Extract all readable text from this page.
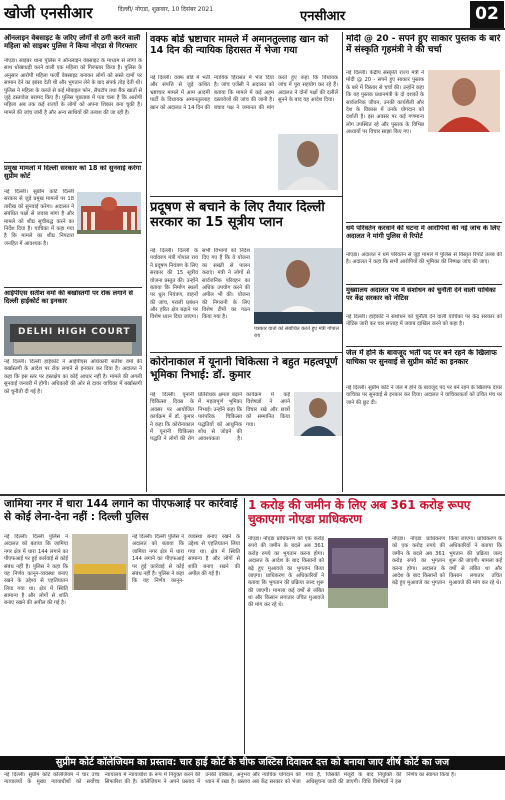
खोजी एनसीआर	दिल्ली/ नोएडा, शुक्रवार, 10 दिसंबर 2021	एनसीआर	02
ऑनलाइन वेबसाइट के जरिए लोगों से ठगी करने वाली महिला को साइबर पुलिस ने किया नोएडा से गिरफ्तार
नोएडा। साइबर थाना पुलिस ने ऑनलाइन वेबसाइट के माध्यम से लोगों के साथ धोखाधड़ी करने वाली एक महिला को गिरफ्तार किया है। पुलिस के अनुसार आरोपी महिला फर्जी वेबसाइट बनाकर लोगों को सस्ते दामों पर सामान देने का झांसा देती थी और भुगतान लेने के बाद संपर्क तोड़ देती थी। पुलिस ने महिला के कब्जे से कई मोबाइल फोन, लैपटॉप तथा बैंक खातों से जुड़े दस्तावेज बरामद किए हैं। पुलिस पूछताछ में पता चला है कि आरोपी महिला अब तक कई राज्यों के लोगों को अपना शिकार बना चुकी है। मामले की जांच जारी है और अन्य साथियों की तलाश की जा रही है।
प्रमुख मामलों में दिल्ली सरकार को 18 को सुनवाई करेगा सुप्रीम कोर्ट
नई दिल्ली। सुप्रीम कोर्ट दिल्ली सरकार से जुड़े प्रमुख मामलों पर 18 तारीख को सुनवाई करेगा। अदालत ने संबंधित पक्षों से जवाब मांगा है और मामले को शीघ्र सूचीबद्ध करने का निर्देश दिया है। याचिका में कहा गया है कि मामले का शीघ्र निपटारा जनहित में आवश्यक है।
आईपीएस सतीश वर्मा की बर्खास्तगी पर रोक लगाने से दिल्ली हाईकोर्ट का इनकार
DELHI HIGH COURT
नई दिल्ली। दिल्ली हाईकोर्ट ने आईपीएस अधिकारी सतीश वर्मा की बर्खास्तगी के आदेश पर रोक लगाने से इनकार कर दिया है। अदालत ने कहा कि इस स्तर पर हस्तक्षेप का कोई आधार नहीं है। मामले की अगली सुनवाई जनवरी में होगी। अधिकारी की ओर से दायर याचिका में बर्खास्तगी को चुनौती दी गई है।
वक्फ बोर्ड भ्रष्टाचार मामले में अमानतुल्लाह खान को 14 दिन की न्यायिक हिरासत में भेजा गया
नई दिल्ली। वक्फ बोर्ड में भर्ती और संपत्ति से जुड़े कथित भ्रष्टाचार मामले में आम आदमी पार्टी के विधायक अमानतुल्लाह खान को अदालत ने 14 दिन की न्यायिक हिरासत में भेज दिया है। जांच एजेंसी ने अदालत को बताया कि मामले में कई अहम दस्तावेजों की जांच की जानी है। बचाव पक्ष ने जमानत की मांग करते हुए कहा कि विधायक जांच में पूरा सहयोग कर रहे हैं। अदालत ने दोनों पक्षों की दलीलें सुनने के बाद यह आदेश दिया।
मोदी @ 20 - सपने हुए साकार पुस्तक के बारे में संस्कृति गृहमंत्री ने की चर्चा
नई दिल्ली। केंद्रीय संस्कृति राज्य मंत्री ने मोदी @ 20 - सपने हुए साकार पुस्तक के बारे में विस्तार से चर्चा की। उन्होंने कहा कि यह पुस्तक प्रधानमंत्री के दो दशकों के सार्वजनिक जीवन, उनकी कार्यशैली और देश के विकास में उनके योगदान को दर्शाती है। इस अवसर पर कई गणमान्य लोग उपस्थित रहे और पुस्तक के विभिन्न अध्यायों पर विचार साझा किए गए।
प्रदूषण से बचाने के लिए तैयार दिल्ली सरकार का 15 सूत्रीय प्लान
नई दिल्ली। दिल्ली के पर्यावरण मंत्री गोपाल राय ने प्रदूषण नियंत्रण के लिए सरकार की 15 सूत्रीय योजना प्रस्तुत की। उन्होंने बताया कि निर्माण स्थलों पर धूल नियंत्रण, वाहनों की जांच, पराली प्रबंधन और हरित क्षेत्र बढ़ाने पर विशेष ध्यान दिया जाएगा। सभी विभागों को निर्देश दिए गए हैं कि वे योजना का सख्ती से पालन कराएं। मंत्री ने लोगों से सार्वजनिक परिवहन का अधिक उपयोग करने की अपील भी की। योजना की निगरानी के लिए विशेष टीमों का गठन किया गया है।
पत्रकार वार्ता को संबोधित करते हुए मंत्री गोपाल राय
धर्म परिवर्तन करवाने की घटना में आरोपियों की नई जांच के लिए अदालत ने मांगी पुलिस से रिपोर्ट
नोएडा। अदालत ने धर्म परिवर्तन से जुड़े मामले में पुलिस से विस्तृत रिपोर्ट तलब की है। अदालत ने कहा कि सभी आरोपियों की भूमिका की निष्पक्ष जांच की जाए।
मुख्यालय अदालत पथ में संशोधन को चुनौती देने वाली याचिका पर केंद्र सरकार को नोटिस
नई दिल्ली। हाईकोर्ट ने संशोधन को चुनौती देने वाली याचिका पर केंद्र सरकार को नोटिस जारी कर चार सप्ताह में जवाब दाखिल करने को कहा है।
जेल में होने के बावजूद भर्ती पद पर बने रहने के खिलाफ याचिका पर सुनवाई से सुप्रीम कोर्ट का इनकार
नई दिल्ली। सुप्रीम कोर्ट ने जेल में होने के बावजूद पद पर बने रहने के खिलाफ दायर याचिका पर सुनवाई से इनकार कर दिया। अदालत ने याचिकाकर्ता को उचित मंच पर जाने की छूट दी।
कोरोनाकाल में यूनानी चिकित्सा ने बहुत महत्वपूर्ण भूमिका निभाई: डॉ. कुमार
नई दिल्ली। यूनानी चिकित्सा दिवस के अवसर पर आयोजित कार्यक्रम में डॉ. कुमार ने कहा कि कोरोनाकाल में यूनानी चिकित्सा पद्धति ने लोगों की रोग प्रतिरोधक क्षमता बढ़ाने में महत्वपूर्ण भूमिका निभाई। उन्होंने कहा कि पारंपरिक चिकित्सा पद्धतियों को आधुनिक शोध से जोड़ने की आवश्यकता है। कार्यक्रम में कई विशेषज्ञों ने अपने विचार रखे और छात्रों को सम्मानित किया गया।
जामिया नगर में धारा 144 लगाने का पीएफआई पर कार्रवाई से कोई लेना-देना नहीं : दिल्ली पुलिस
नई दिल्ली। दिल्ली पुलिस ने अदालत को बताया कि जामिया नगर क्षेत्र में धारा 144 लगाने का पीएफआई पर हुई कार्रवाई से कोई संबंध नहीं है। पुलिस ने कहा कि यह निर्णय कानून-व्यवस्था बनाए रखने के उद्देश्य से एहतियातन लिया गया था। क्षेत्र में स्थिति सामान्य है और लोगों से शांति बनाए रखने की अपील की गई है।
नई दिल्ली। दिल्ली पुलिस ने अदालत को बताया कि जामिया नगर क्षेत्र में धारा 144 लगाने का पीएफआई पर हुई कार्रवाई से कोई संबंध नहीं है। पुलिस ने कहा कि यह निर्णय कानून-व्यवस्था बनाए रखने के उद्देश्य से एहतियातन लिया गया था। क्षेत्र में स्थिति सामान्य है और लोगों से शांति बनाए रखने की अपील की गई है।
1 करोड़ की जमीन के लिए अब 361 करोड़ रूपए चुकाएगा नोएडा प्राधिकरण
नोएडा। नोएडा प्राधिकरण को एक करोड़ रुपये की जमीन के बदले अब 361 करोड़ रुपये का भुगतान करना होगा। अदालत के आदेश के बाद किसानों को बढ़े हुए मुआवजे का भुगतान किया जाएगा। प्राधिकरण के अधिकारियों ने बताया कि भुगतान की प्रक्रिया जल्द शुरू की जाएगी। मामला कई वर्षों से लंबित था और किसान लगातार उचित मुआवजे की मांग कर रहे थे।
नोएडा। नोएडा प्राधिकरण को एक करोड़ रुपये की जमीन के बदले अब 361 करोड़ रुपये का भुगतान करना होगा। अदालत के आदेश के बाद किसानों को बढ़े हुए मुआवजे का भुगतान किया जाएगा। प्राधिकरण के अधिकारियों ने बताया कि भुगतान की प्रक्रिया जल्द शुरू की जाएगी। मामला कई वर्षों से लंबित था और किसान लगातार उचित मुआवजे की मांग कर रहे थे।
सुप्रीम कोर्ट कॉलेजियम का प्रस्ताव: चार हाई कोर्ट के चीफ जस्टिस दिवाकर दत्त को बनाया जाए शीर्ष कोर्ट का जज
नई दिल्ली। सुप्रीम कोर्ट कॉलेजियम ने चार उच्च न्यायालयों के मुख्य न्यायाधीशों को सर्वोच्च न्यायालय में न्यायाधीश के रूप में नियुक्त करने की सिफारिश की है। कॉलेजियम ने अपने प्रस्ताव में उनकी वरिष्ठता, अनुभव और न्यायिक योगदान को ध्यान में रखा है। प्रस्ताव अब केंद्र सरकार को भेजा गया है, जिसकी मंजूरी के बाद नियुक्ति की अधिसूचना जारी की जाएगी। विधि विशेषज्ञों ने इस निर्णय का स्वागत किया है।
